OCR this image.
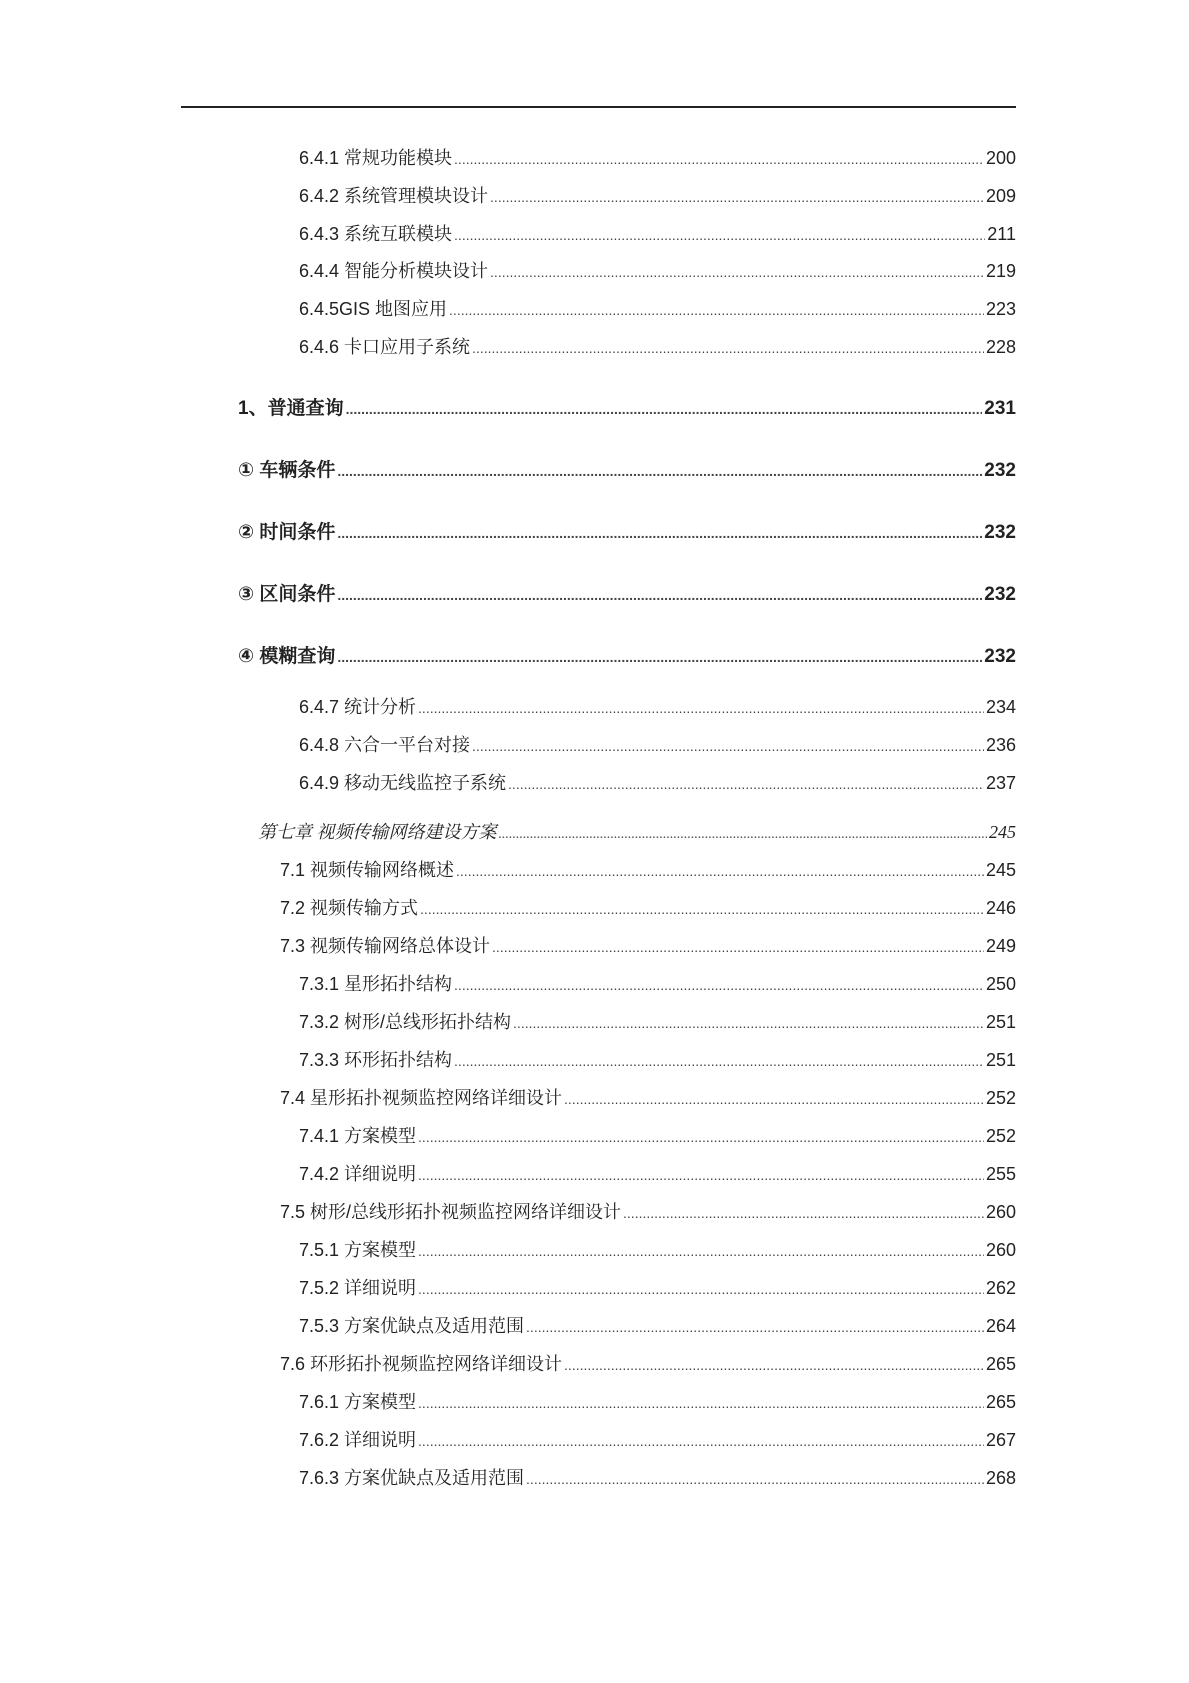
6.4.1 常规功能模块 .....	200
6.4.2 系统管理模块设计 .....	209
6.4.3 系统互联模块 .....	211
6.4.4 智能分析模块设计 .....	219
6.4.5GIS 地图应用 .....	223
6.4.6 卡口应用子系统 .....	228
1、普通查询 .....	231
① 车辆条件 .....	232
② 时间条件 .....	232
③ 区间条件 .....	232
④ 模糊查询 .....	232
6.4.7 统计分析 .....	234
6.4.8 六合一平台对接 .....	236
6.4.9 移动无线监控子系统 .....	237
第七章 视频传输网络建设方案 .....	245
7.1 视频传输网络概述 .....	245
7.2 视频传输方式 .....	246
7.3 视频传输网络总体设计 .....	249
7.3.1 星形拓扑结构 .....	250
7.3.2 树形/总线形拓扑结构 .....	251
7.3.3 环形拓扑结构 .....	251
7.4 星形拓扑视频监控网络详细设计 .....	252
7.4.1 方案模型 .....	252
7.4.2 详细说明 .....	255
7.5 树形/总线形拓扑视频监控网络详细设计 .....	260
7.5.1 方案模型 .....	260
7.5.2 详细说明 .....	262
7.5.3 方案优缺点及适用范围 .....	264
7.6 环形拓扑视频监控网络详细设计 .....	265
7.6.1 方案模型 .....	265
7.6.2 详细说明 .....	267
7.6.3 方案优缺点及适用范围 .....	268
